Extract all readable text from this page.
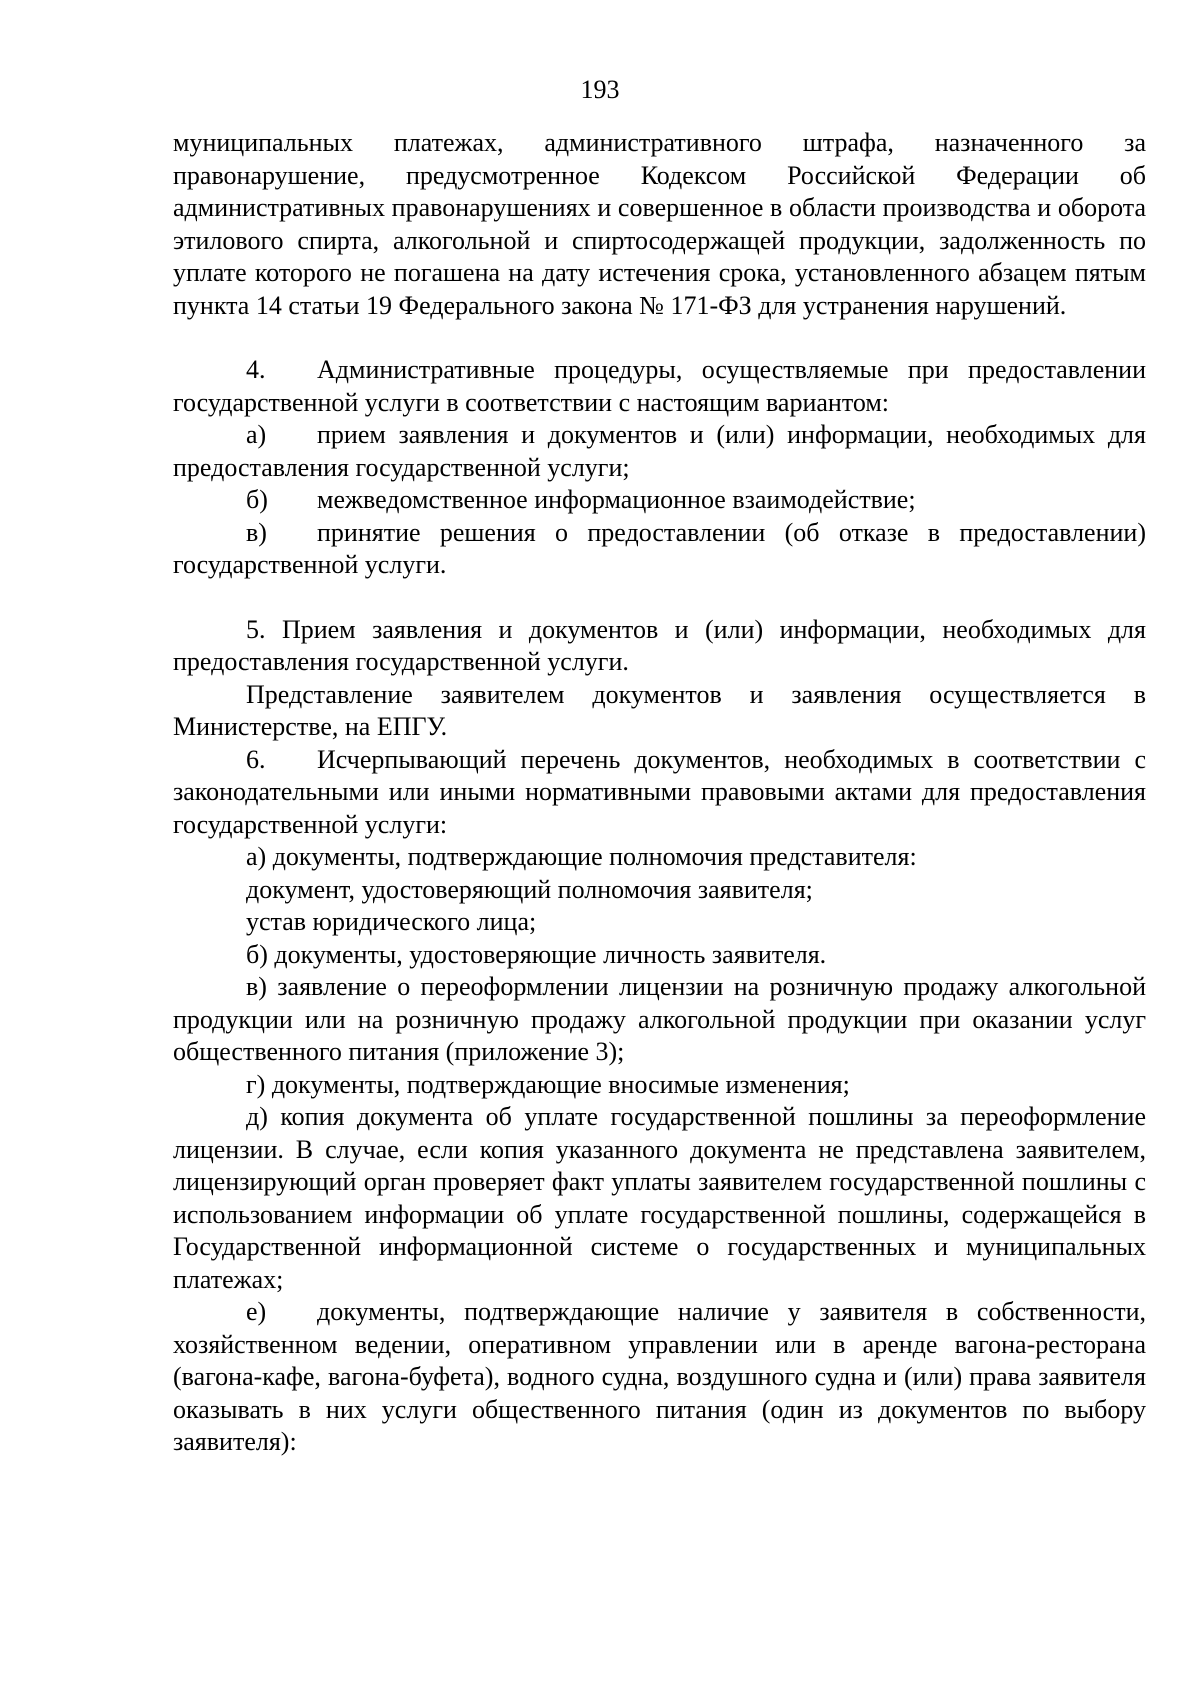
193

муниципальных платежах, административного штрафа, назначенного за правонарушение, предусмотренное Кодексом Российской Федерации об административных правонарушениях и совершенное в области производства и оборота этилового спирта, алкогольной и спиртосодержащей продукции, задолженность по уплате которого не погашена на дату истечения срока, установленного абзацем пятым пункта 14 статьи 19 Федерального закона № 171-ФЗ для устранения нарушений.

4. Административные процедуры, осуществляемые при предоставлении государственной услуги в соответствии с настоящим вариантом:

а) прием заявления и документов и (или) информации, необходимых для предоставления государственной услуги;

б) межведомственное информационное взаимодействие;

в) принятие решения о предоставлении (об отказе в предоставлении) государственной услуги.

5. Прием заявления и документов и (или) информации, необходимых для предоставления государственной услуги.

Представление заявителем документов и заявления осуществляется в Министерстве, на ЕПГУ.

6. Исчерпывающий перечень документов, необходимых в соответствии с законодательными или иными нормативными правовыми актами для предоставления государственной услуги:

а) документы, подтверждающие полномочия представителя:

документ, удостоверяющий полномочия заявителя;

устав юридического лица;

б) документы, удостоверяющие личность заявителя.

в) заявление о переоформлении лицензии на розничную продажу алкогольной продукции или на розничную продажу алкогольной продукции при оказании услуг общественного питания (приложение 3);

г) документы, подтверждающие вносимые изменения;

д) копия документа об уплате государственной пошлины за переоформление лицензии. В случае, если копия указанного документа не представлена заявителем, лицензирующий орган проверяет факт уплаты заявителем государственной пошлины с использованием информации об уплате государственной пошлины, содержащейся в Государственной информационной системе о государственных и муниципальных платежах;

е) документы, подтверждающие наличие у заявителя в собственности, хозяйственном ведении, оперативном управлении или в аренде вагона-ресторана (вагона-кафе, вагона-буфета), водного судна, воздушного судна и (или) права заявителя оказывать в них услуги общественного питания (один из документов по выбору заявителя):
